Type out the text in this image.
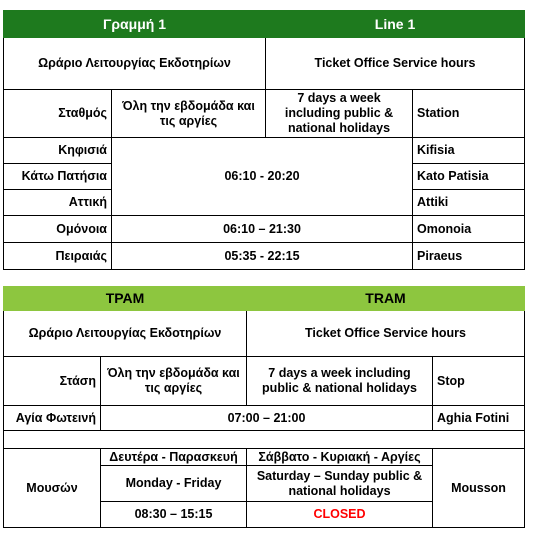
Γραμμή 1		Line 1	
Ωράριο Λειτουργίας Εκδοτηρίων		Ticket Office Service hours	
Σταθμός	Όλη την εβδομάδα και τις αργίες	7 days a week including public & national holidays	Station
Κηφισιά	06:10 - 20:20		Kifisia
Κάτω Πατήσια			Kato Patisia
Αττική			Attiki
Ομόνοια	06:10 – 21:30		Omonoia
Πειραιάς	05:35 - 22:15		Piraeus
ΤΡΑΜ		TRAM	
Ωράριο Λειτουργίας Εκδοτηρίων		Ticket Office Service hours	
Στάση	Όλη την εβδομάδα και τις αργίες	7 days a week including public & national holidays	Stop
Αγία Φωτεινή	07:00 – 21:00		Aghia Fotini

Μουσών	Δευτέρα - Παρασκευή	Σάββατο - Κυριακή - Αργίες	Mousson
	Monday - Friday	Saturday – Sunday public & national holidays	
	08:30 – 15:15	CLOSED	
